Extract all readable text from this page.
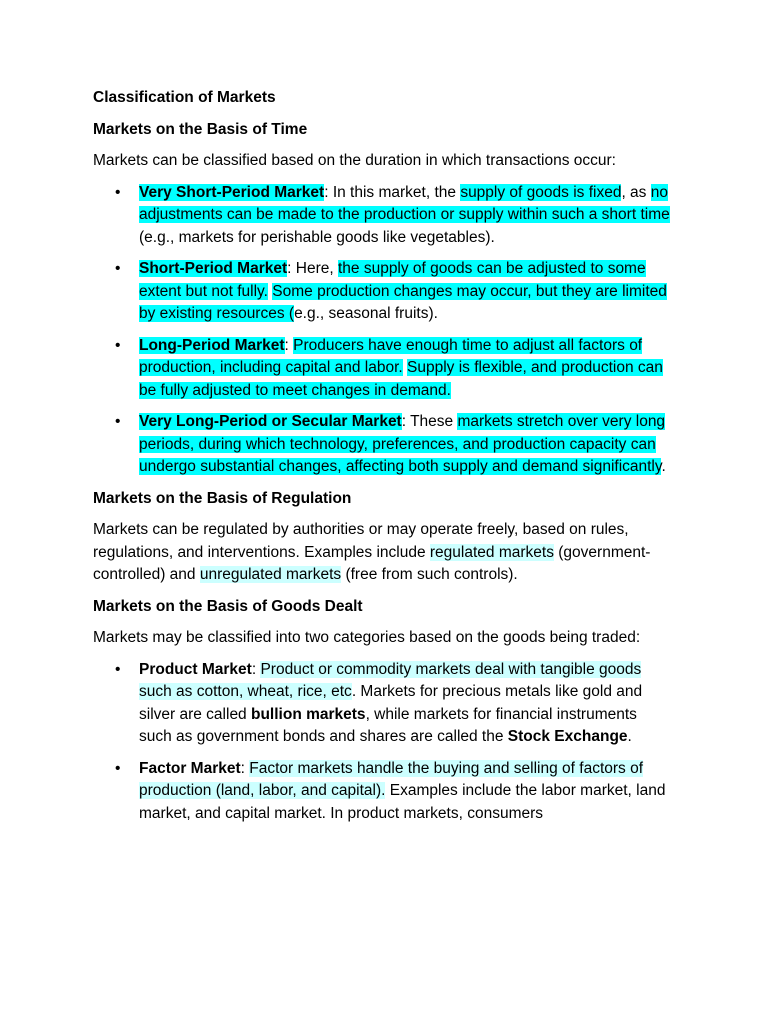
Classification of Markets
Markets on the Basis of Time

Markets can be classified based on the duration in which transactions occur:

• Very Short-Period Market: In this market, the supply of goods is fixed, as no adjustments can be made to the production or supply within such a short time (e.g., markets for perishable goods like vegetables).
• Short-Period Market: Here, the supply of goods can be adjusted to some extent but not fully. Some production changes may occur, but they are limited by existing resources (e.g., seasonal fruits).
• Long-Period Market: Producers have enough time to adjust all factors of production, including capital and labor. Supply is flexible, and production can be fully adjusted to meet changes in demand.
• Very Long-Period or Secular Market: These markets stretch over very long periods, during which technology, preferences, and production capacity can undergo substantial changes, affecting both supply and demand significantly.
Markets on the Basis of Regulation

Markets can be regulated by authorities or may operate freely, based on rules, regulations, and interventions. Examples include regulated markets (government-controlled) and unregulated markets (free from such controls).

Markets on the Basis of Goods Dealt

Markets may be classified into two categories based on the goods being traded:

• Product Market: Product or commodity markets deal with tangible goods such as cotton, wheat, rice, etc. Markets for precious metals like gold and silver are called bullion markets, while markets for financial instruments such as government bonds and shares are called the Stock Exchange.
• Factor Market: Factor markets handle the buying and selling of factors of production (land, labor, and capital). Examples include the labor market, land market, and capital market. In product markets, consumers
